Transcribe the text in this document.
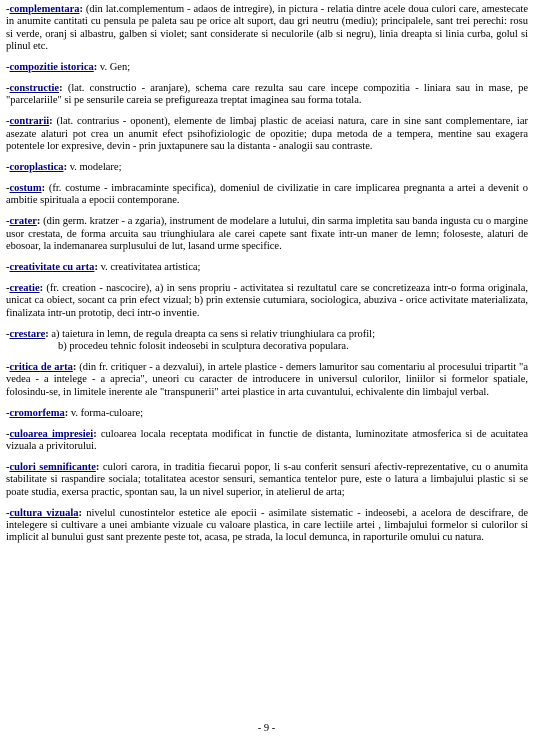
-complementara: (din lat.complementum - adaos de intregire), in pictura - relatia dintre acele doua culori care, amestecate in anumite cantitati cu pensula pe paleta sau pe orice alt suport, dau gri neutru (mediu); principalele, sant trei perechi: rosu si verde, oranj si albastru, galben si violet; sant considerate si neculorile (alb si negru), linia dreapta si linia curba, golul si plinul etc.

-compozitie istorica: v. Gen;

-constructie: (lat. constructio - aranjare), schema care rezulta sau care incepe compozitia - liniara sau in mase, pe "parcelariile" si pe sensurile careia se prefigureaza treptat imaginea sau forma totala.

-contrarii: (lat. contrarius - oponent), elemente de limbaj plastic de aceiasi natura, care in sine sant complementare, iar asezate alaturi pot crea un anumit efect psihofiziologic de opozitie; dupa metoda de a tempera, mentine sau exagera potentele lor expresive, devin - prin juxtapunere sau la distanta - analogii sau contraste.

-coroplastica: v. modelare;

-costum: (fr. costume - imbracaminte specifica), domeniul de civilizatie in care implicarea pregnanta a artei a devenit o ambitie spirituala a epocii contemporane.

-crater: (din germ. kratzer - a zgaria), instrument de modelare a lutului, din sarma impletita sau banda ingusta cu o margine usor crestata, de forma arcuita sau triunghiulara ale carei capete sant fixate intr-un maner de lemn; foloseste, alaturi de ebosoar, la indemanarea surplusului de lut, lasand urme specifice.

-creativitate cu arta: v. creativitatea artistica;

-creatie: (fr. creation - nascocire), a) in sens propriu - activitatea si rezultatul care se concretizeaza intr-o forma originala, unicat ca obiect, socant ca prin efect vizual; b) prin extensie cutumiara, sociologica, abuziva - orice activitate materializata, finalizata intr-un prototip, deci intr-o inventie.

-crestare: a) taietura in lemn, de regula dreapta ca sens si relativ triunghiulara ca profil;
b) procedeu tehnic folosit indeosebi in sculptura decorativa populara.

-critica de arta: (din fr. critiquer - a dezvalui), in artele plastice - demers lamuritor sau comentariu al procesului tripartit "a vedea - a intelege - a aprecia", uneori cu caracter de introducere in universul culorilor, liniilor si formelor spatiale, folosindu-se, in limitele inerente ale "transpunerii" artei plastice in arta cuvantului, echivalente din limbajul verbal.

-cromorfema: v. forma-culoare;

-culoarea impresiei: culoarea locala receptata modificat in functie de distanta, luminozitate atmosferica si de acuitatea vizuala a privitorului.

-culori semnificante: culori carora, in traditia fiecarui popor, li s-au conferit sensuri afectiv-reprezentative, cu o anumita stabilitate si raspandire sociala; totalitatea acestor sensuri, semantica tentelor pure, este o latura a limbajului plastic si se poate studia, exersa practic, spontan sau, la un nivel superior, in atelierul de arta;

-cultura vizuala: nivelul cunostintelor estetice ale epocii - asimilate sistematic - indeosebi, a acelora de descifrare, de intelegere si cultivare a unei ambiante vizuale cu valoare plastica, in care lectiile artei , limbajului formelor si culorilor si implicit al bunului gust sant prezente peste tot, acasa, pe strada, la locul demunca, in raporturile omului cu natura.

- 9 -
